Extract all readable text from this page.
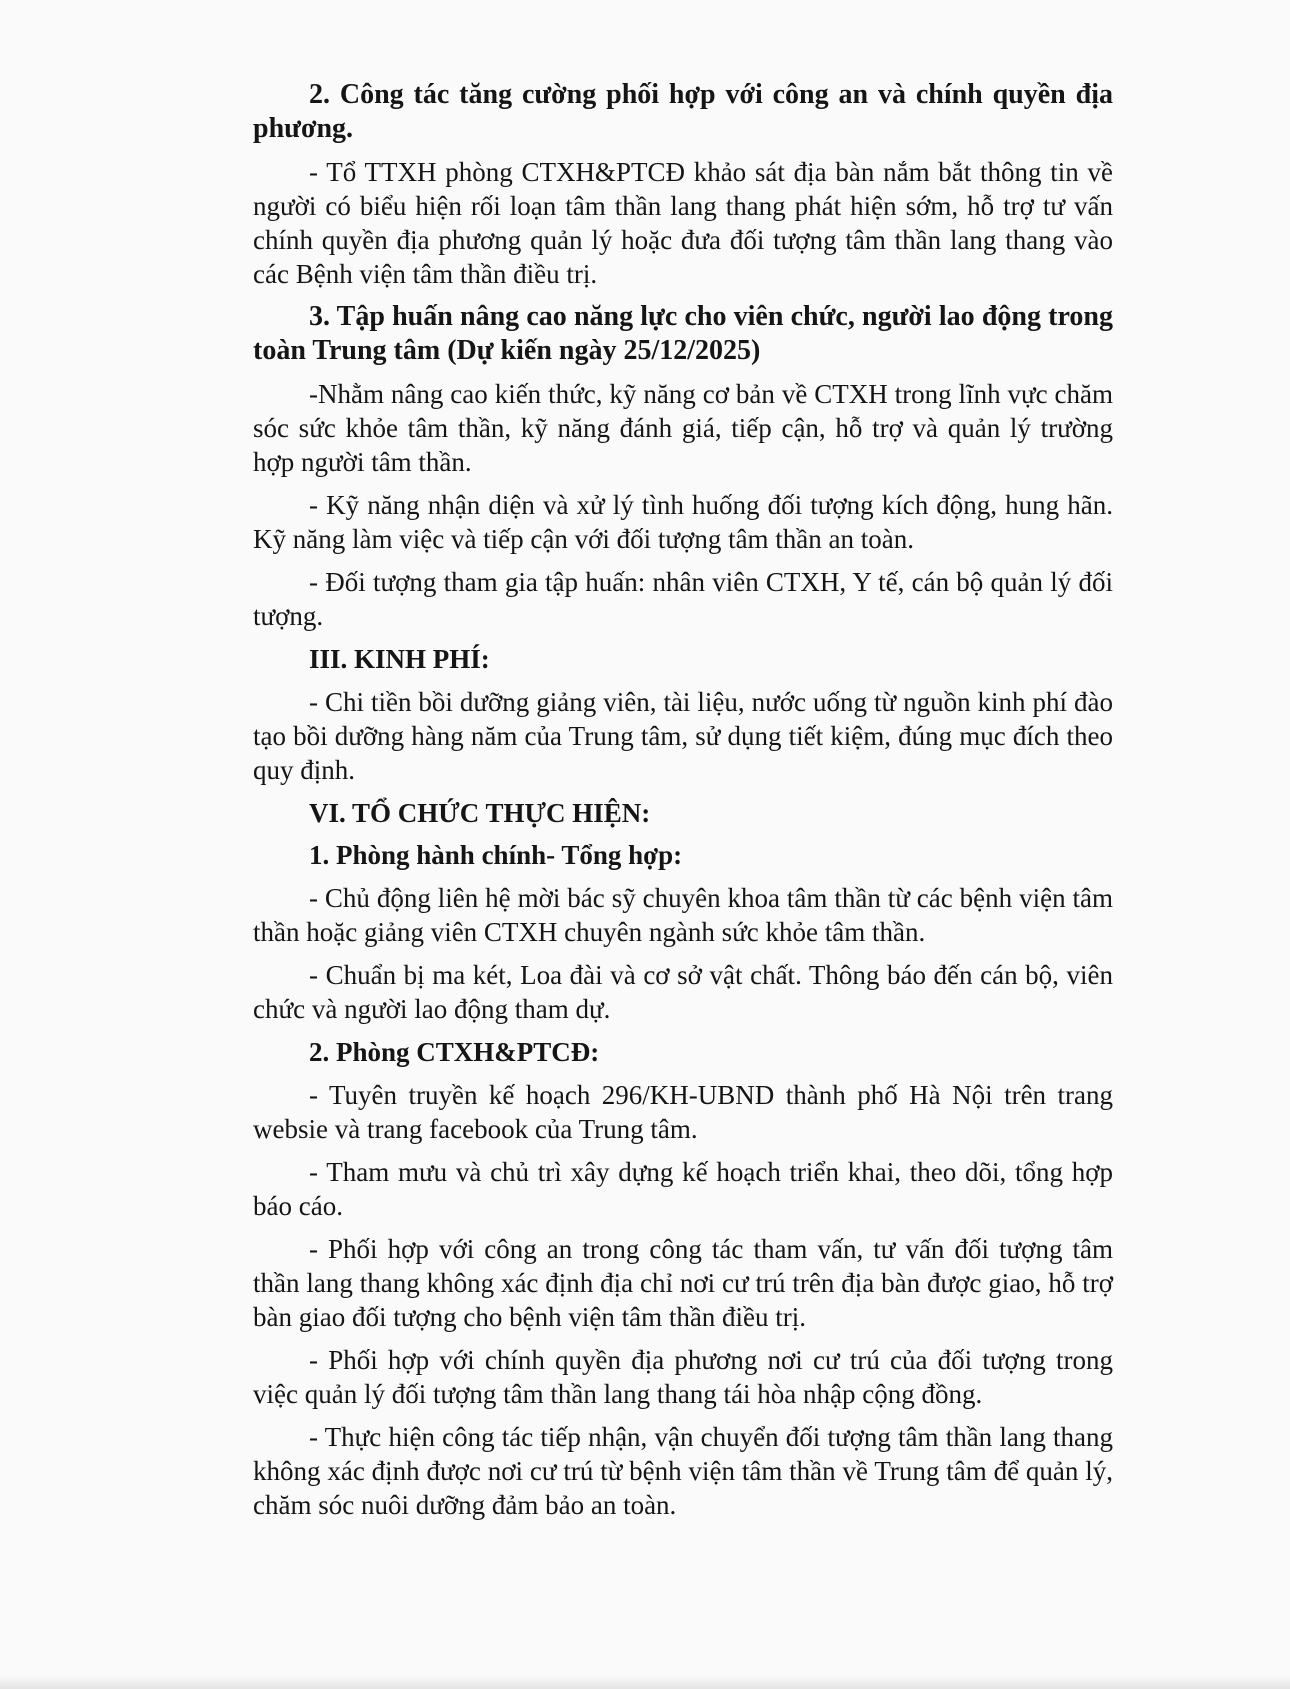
2. Công tác tăng cường phối hợp với công an và chính quyền địa phương.

- Tổ TTXH phòng CTXH&PTCĐ khảo sát địa bàn nắm bắt thông tin về người có biểu hiện rối loạn tâm thần lang thang phát hiện sớm, hỗ trợ tư vấn chính quyền địa phương quản lý hoặc đưa đối tượng tâm thần lang thang vào các Bệnh viện tâm thần điều trị.

3. Tập huấn nâng cao năng lực cho viên chức, người lao động trong toàn Trung tâm (Dự kiến ngày 25/12/2025)

-Nhằm nâng cao kiến thức, kỹ năng cơ bản về CTXH trong lĩnh vực chăm sóc sức khỏe tâm thần, kỹ năng đánh giá, tiếp cận, hỗ trợ và quản lý trường hợp người tâm thần.

- Kỹ năng nhận diện và xử lý tình huống đối tượng kích động, hung hãn. Kỹ năng làm việc và tiếp cận với đối tượng tâm thần an toàn.

- Đối tượng tham gia tập huấn: nhân viên CTXH, Y tế, cán bộ quản lý đối tượng.

III. KINH PHÍ:

- Chi tiền bồi dưỡng giảng viên, tài liệu, nước uống từ nguồn kinh phí đào tạo bồi dưỡng hàng năm của Trung tâm, sử dụng tiết kiệm, đúng mục đích theo quy định.

VI. TỔ CHỨC THỰC HIỆN:

1. Phòng hành chính- Tổng hợp:

- Chủ động liên hệ mời bác sỹ chuyên khoa tâm thần từ các bệnh viện tâm thần hoặc giảng viên CTXH chuyên ngành sức khỏe tâm thần.

- Chuẩn bị ma két, Loa đài và cơ sở vật chất. Thông báo đến cán bộ, viên chức và người lao động tham dự.

2. Phòng CTXH&PTCĐ:

- Tuyên truyền kế hoạch 296/KH-UBND thành phố Hà Nội trên trang websie và trang facebook của Trung tâm.

- Tham mưu và chủ trì xây dựng kế hoạch triển khai, theo dõi, tổng hợp báo cáo.

- Phối hợp với công an trong công tác tham vấn, tư vấn đối tượng tâm thần lang thang không xác định địa chỉ nơi cư trú trên địa bàn được giao, hỗ trợ bàn giao đối tượng cho bệnh viện tâm thần điều trị.

- Phối hợp với chính quyền địa phương nơi cư trú của đối tượng trong việc quản lý đối tượng tâm thần lang thang tái hòa nhập cộng đồng.

- Thực hiện công tác tiếp nhận, vận chuyển đối tượng tâm thần lang thang không xác định được nơi cư trú từ bệnh viện tâm thần về Trung tâm để quản lý, chăm sóc nuôi dưỡng đảm bảo an toàn.
